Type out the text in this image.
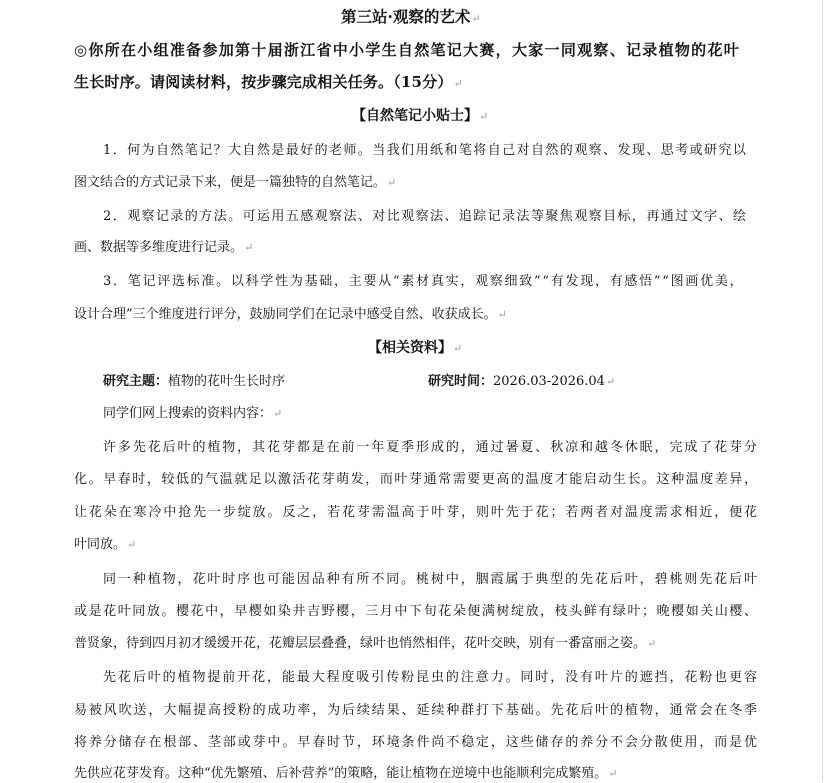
第三站·观察的艺术↵
◎你所在小组准备参加第十届浙江省中小学生自然笔记大赛，大家一同观察、记录植物的花叶
生长时序。请阅读材料，按步骤完成相关任务。（15分）↵
【自然笔记小贴士】↵
1．何为自然笔记？大自然是最好的老师。当我们用纸和笔将自己对自然的观察、发现、思考或研究以
图文结合的方式记录下来，便是一篇独特的自然笔记。↵
2．观察记录的方法。可运用五感观察法、对比观察法、追踪记录法等聚焦观察目标，再通过文字、绘
画、数据等多维度进行记录。↵
3．笔记评选标准。以科学性为基础，主要从“素材真实，观察细致”“有发现，有感悟”“图画优美，
设计合理”三个维度进行评分，鼓励同学们在记录中感受自然、收获成长。↵
【相关资料】↵
研究主题：植物的花叶生长时序	研究时间：2026.03-2026.04↵
同学们网上搜索的资料内容：↵
许多先花后叶的植物，其花芽都是在前一年夏季形成的，通过暑夏、秋凉和越冬休眠，完成了花芽分
化。早春时，较低的气温就足以激活花芽萌发，而叶芽通常需要更高的温度才能启动生长。这种温度差异，
让花朵在寒冷中抢先一步绽放。反之，若花芽需温高于叶芽，则叶先于花；若两者对温度需求相近，便花
叶同放。↵
同一种植物，花叶时序也可能因品种有所不同。桃树中，胭霞属于典型的先花后叶，碧桃则先花后叶
或是花叶同放。樱花中，早樱如染井吉野樱，三月中下旬花朵便满树绽放，枝头鲜有绿叶；晚樱如关山樱、
普贤象，待到四月初才缓缓开花，花瓣层层叠叠，绿叶也悄然相伴，花叶交映，别有一番富丽之姿。↵
先花后叶的植物提前开花，能最大程度吸引传粉昆虫的注意力。同时，没有叶片的遮挡，花粉也更容
易被风吹送，大幅提高授粉的成功率，为后续结果、延续种群打下基础。先花后叶的植物，通常会在冬季
将养分储存在根部、茎部或芽中。早春时节，环境条件尚不稳定，这些储存的养分不会分散使用，而是优
先供应花芽发育。这种“优先繁殖、后补营养”的策略，能让植物在逆境中也能顺利完成繁殖。↵
